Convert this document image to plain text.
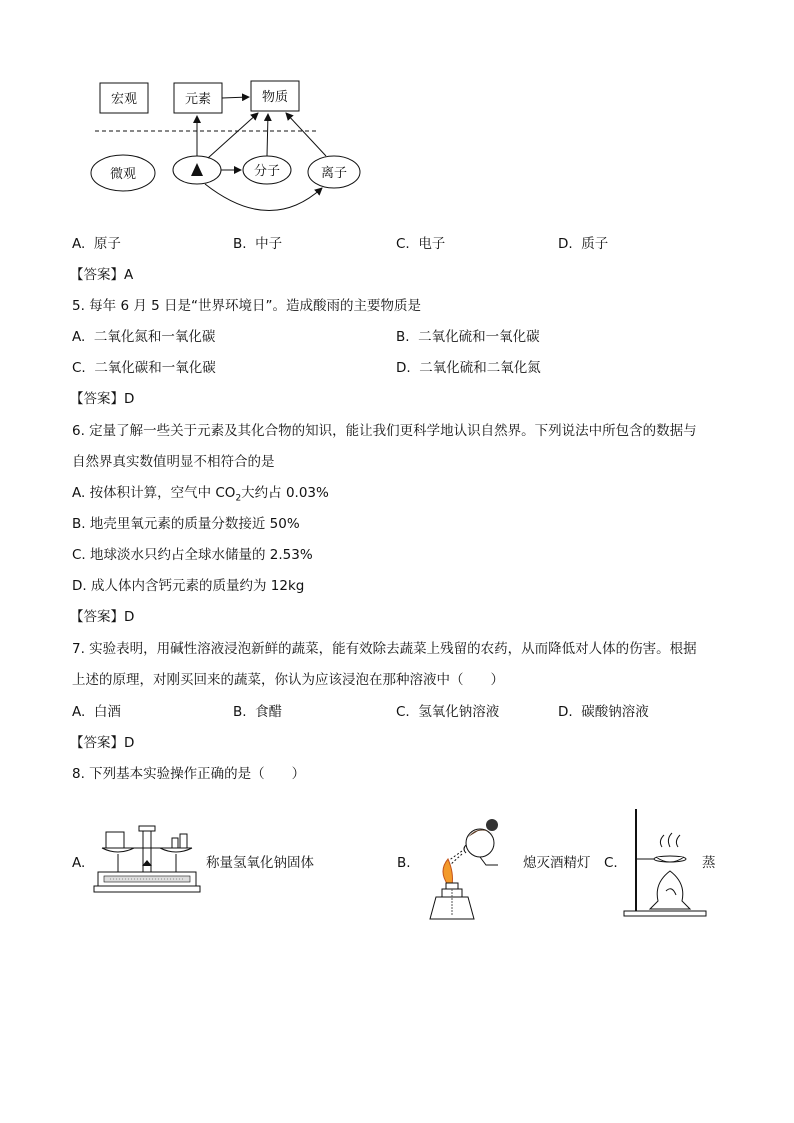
宏观	元素	物质
微观	分子	离子
A. 原子	B. 中子	C. 电子	D. 质子
【答案】A
5. 每年 6 月 5 日是“世界环境日”。造成酸雨的主要物质是
A. 二氧化氮和一氧化碳	B. 二氧化硫和一氧化碳
C. 二氧化碳和一氧化碳	D. 二氧化硫和二氧化氮
【答案】D
6. 定量了解一些关于元素及其化合物的知识，能让我们更科学地认识自然界。下列说法中所包含的数据与
自然界真实数值明显不相符合的是
A. 按体积计算，空气中 $CO_2$大约占 0.03%
B. 地壳里氧元素的质量分数接近 50%
C. 地球淡水只约占全球水储量的 2.53%
D. 成人体内含钙元素的质量约为 12kg
【答案】D
7. 实验表明，用碱性溶液浸泡新鲜的蔬菜，能有效除去蔬菜上残留的农药，从而降低对人体的伤害。根据
上述的原理，对刚买回来的蔬菜，你认为应该浸泡在那种溶液中（　　）
A. 白酒	B. 食醋	C. 氢氧化钠溶液	D. 碳酸钠溶液
【答案】D
8. 下列基本实验操作正确的是（　　）
A.	称量氢氧化钠固体	B.	熄灭酒精灯 C.	蒸
